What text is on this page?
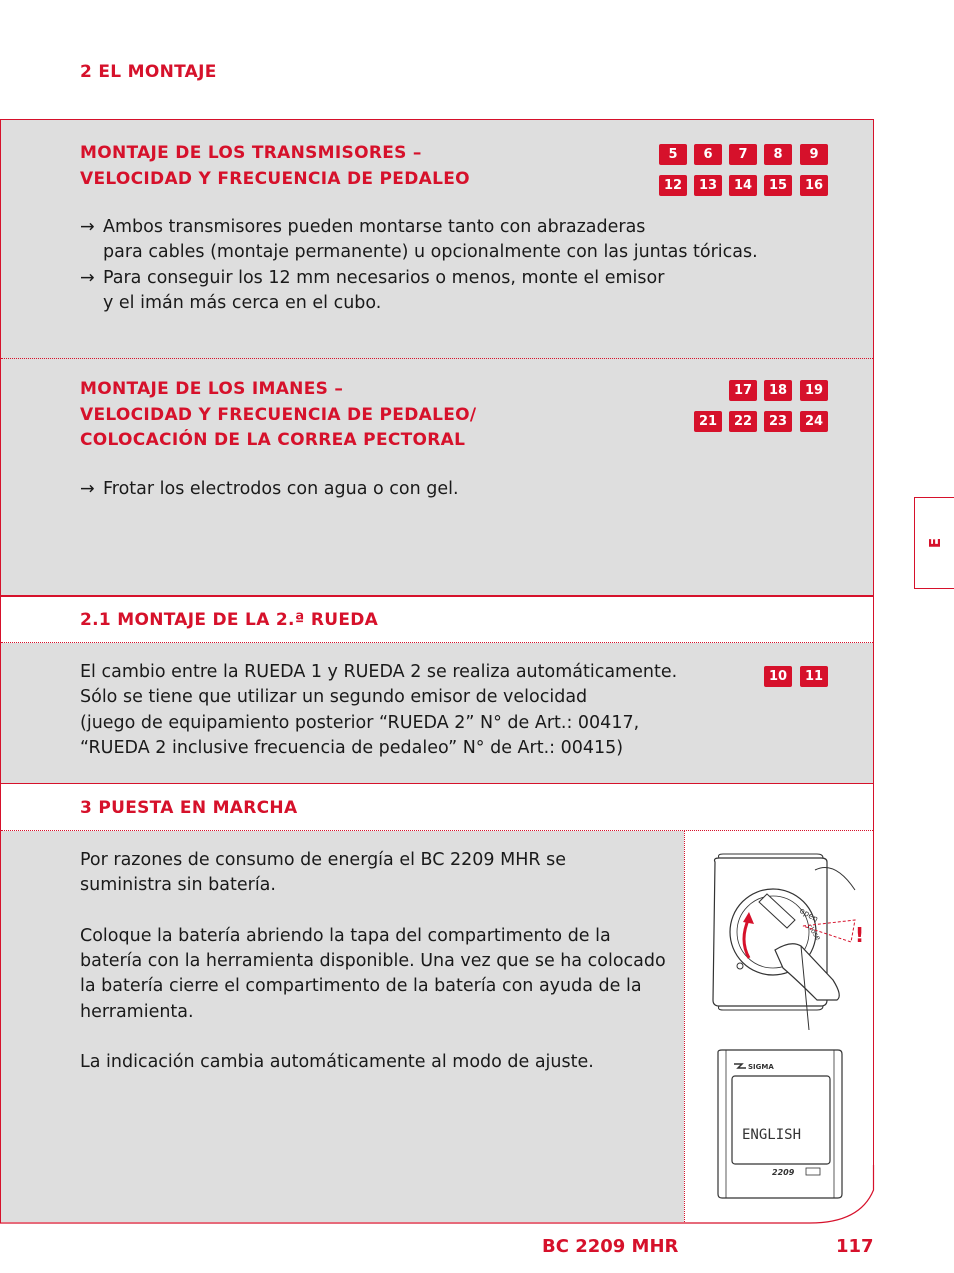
2 EL MONTAJE
MONTAJE DE LOS TRANSMISORES –
VELOCIDAD Y FRECUENCIA DE PEDALEO
5	6	7	8	9
12	13	14	15	16
→ Ambos transmisores pueden montarse tanto con abrazaderas
para cables (montaje permanente) u opcionalmente con las juntas tóricas.
→ Para conseguir los 12 mm necesarios o menos, monte el emisor
y el imán más cerca en el cubo.
MONTAJE DE LOS IMANES –
VELOCIDAD Y FRECUENCIA DE PEDALEO/
COLOCACIÓN DE LA CORREA PECTORAL
17	18	19
21	22	23	24
→ Frotar los electrodos con agua o con gel.
2.1 MONTAJE DE LA 2.ª RUEDA
El cambio entre la RUEDA 1 y RUEDA 2 se realiza automáticamente.
Sólo se tiene que utilizar un segundo emisor de velocidad
(juego de equipamiento posterior “RUEDA 2” N° de Art.: 00417,
“RUEDA 2 inclusive frecuencia de pedaleo” N° de Art.: 00415)
10	11
3 PUESTA EN MARCHA
Por razones de consumo de energía el BC 2209 MHR se
suministra sin batería.
Coloque la batería abriendo la tapa del compartimento de la
batería con la herramienta disponible. Una vez que se ha colocado
la batería cierre el compartimento de la batería con ayuda de la
herramienta.
La indicación cambia automáticamente al modo de ajuste.
open
close !
SIGMA
ENGLISH
2209
E
BC 2209 MHR	117
